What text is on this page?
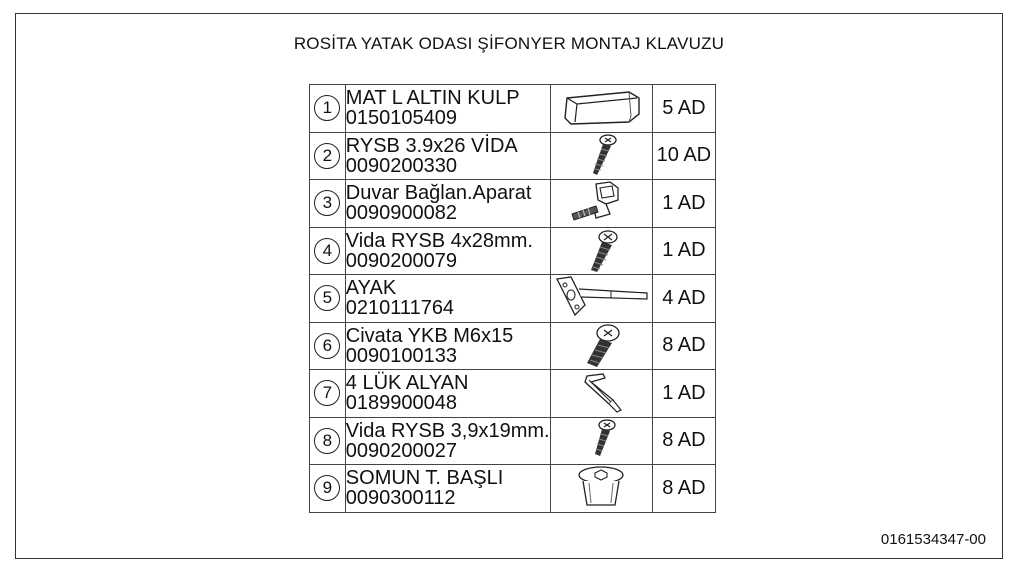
ROSİTA YATAK ODASI ŞİFONYER MONTAJ KLAVUZU
1	MAT L ALTIN KULP
0150105409		5 AD
2	RYSB 3.9x26 VİDA
0090200330		10 AD
3	Duvar Bağlan.Aparat
0090900082		1 AD
4	Vida RYSB 4x28mm.
0090200079		1 AD
5	AYAK
0210111764		4 AD
6	Civata YKB M6x15
0090100133		8 AD
7	4 LÜK ALYAN
0189900048		1 AD
8	Vida RYSB 3,9x19mm.
0090200027		8 AD
9	SOMUN T. BAŞLI
0090300112		8 AD
0161534347-00
